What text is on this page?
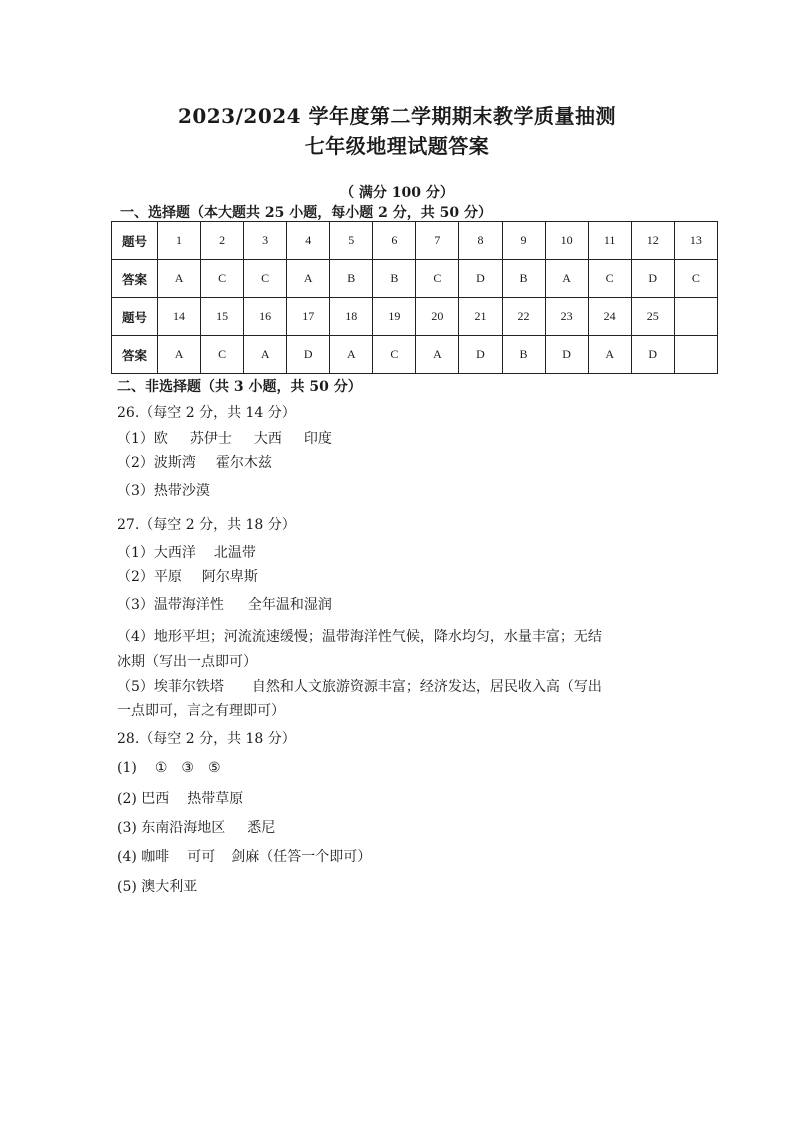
2023/2024 学年度第二学期期末教学质量抽测
七年级地理试题答案
（ 满分 100 分）
一、选择题（本大题共 25 小题，每小题 2 分，共 50 分）
题号	1	2	3	4	5	6	7	8	9	10	11	12	13
答案	A	C	C	A	B	B	C	D	B	A	C	D	C
题号	14	15	16	17	18	19	20	21	22	23	24	25	
答案	A	C	A	D	A	C	A	D	B	D	A	D	
二、非选择题（共 3 小题，共 50 分）
26.（每空 2 分，共 14 分）
（1）欧 苏伊士 大西 印度
（2）波斯湾 霍尔木兹
（3）热带沙漠
27.（每空 2 分，共 18 分）
（1）大西洋 北温带
（2）平原 阿尔卑斯
（3）温带海洋性 全年温和湿润
（4）地形平坦；河流流速缓慢；温带海洋性气候，降水均匀，水量丰富；无结
冰期（写出一点即可）
（5）埃菲尔铁塔 自然和人文旅游资源丰富；经济发达，居民收入高（写出
一点即可，言之有理即可）
28.（每空 2 分，共 18 分）
(1) ① ③ ⑤
(2) 巴西 热带草原
(3) 东南沿海地区 悉尼
(4) 咖啡 可可 剑麻（任答一个即可）
(5) 澳大利亚
